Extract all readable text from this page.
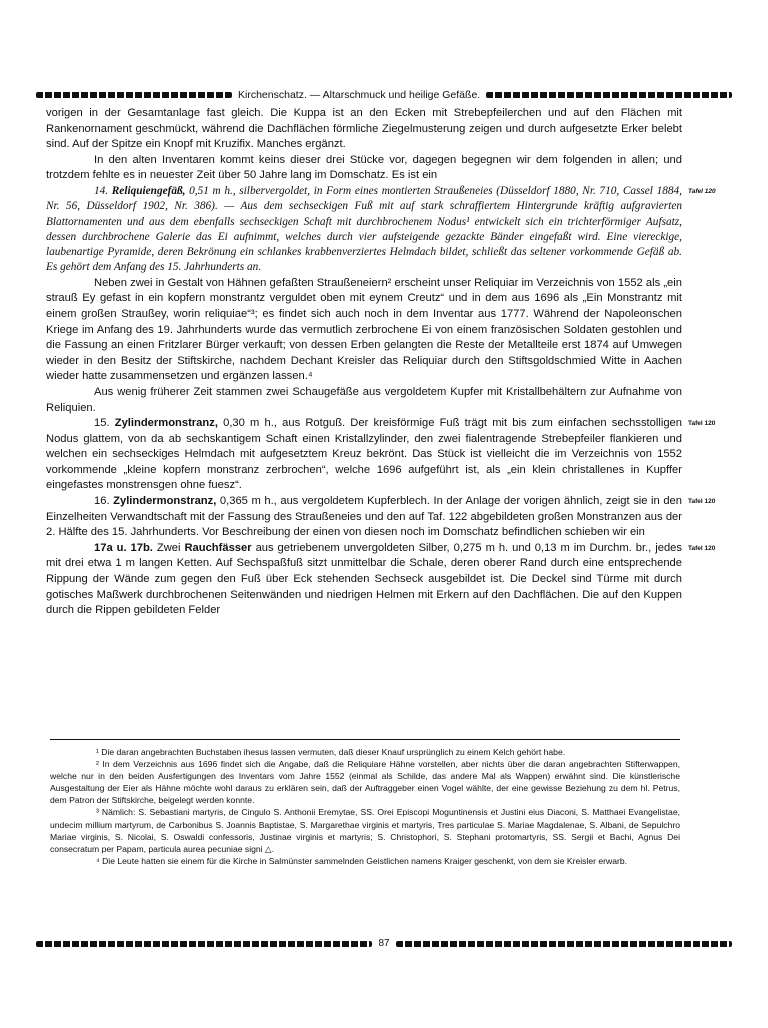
Kirchenschatz. — Altarschmuck und heilige Gefäße.

vorigen in der Gesamtanlage fast gleich. Die Kuppa ist an den Ecken mit Strebepfeilerchen und auf den Flächen mit Rankenornament geschmückt, während die Dachflächen förmliche Ziegelmusterung zeigen und durch aufgesetzte Erker belebt sind. Auf der Spitze ein Knopf mit Kruzifix. Manches ergänzt.

In den alten Inventaren kommt keins dieser drei Stücke vor, dagegen begegnen wir dem folgenden in allen; und trotzdem fehlte es in neuester Zeit über 50 Jahre lang im Domschatz. Es ist ein

14. Reliquiengefäß, 0,51 m h., silbervergoldet, in Form eines montierten Straußeneies (Düsseldorf 1880, Nr. 710, Cassel 1884, Nr. 56, Düsseldorf 1902, Nr. 386). — Aus dem sechseckigen Fuß mit auf stark schraffiertem Hintergrunde kräftig aufgravierten Blattornamenten und aus dem ebenfalls sechseckigen Schaft mit durchbrochenem Nodus¹ entwickelt sich ein trichterförmiger Aufsatz, dessen durchbrochene Galerie das Ei aufnimmt, welches durch vier aufsteigende gezackte Bänder eingefaßt wird. Eine viereckige, laubenartige Pyramide, deren Bekrönung ein schlankes krabbenverziertes Helmdach bildet, schließt das seltener vorkommende Gefäß ab. Es gehört dem Anfang des 15. Jahrhunderts an.
Tafel 120

Neben zwei in Gestalt von Hähnen gefaßten Straußeneiern² erscheint unser Reliquiar im Verzeichnis von 1552 als „ein strauß Ey gefast in ein kopfern monstrantz verguldet oben mit eynem Creutz“ und in dem aus 1696 als „Ein Monstrantz mit einem großen Straußey, worin reliquiae“³; es findet sich auch noch in dem Inventar aus 1777. Während der Napoleonschen Kriege im Anfang des 19. Jahrhunderts wurde das vermutlich zerbrochene Ei von einem französischen Soldaten gestohlen und die Fassung an einen Fritzlarer Bürger verkauft; von dessen Erben gelangten die Reste der Metallteile erst 1874 auf Umwegen wieder in den Besitz der Stiftskirche, nachdem Dechant Kreisler das Reliquiar durch den Stiftsgoldschmied Witte in Aachen wieder hatte zusammensetzen und ergänzen lassen.⁴

Aus wenig früherer Zeit stammen zwei Schaugefäße aus vergoldetem Kupfer mit Kristallbehältern zur Aufnahme von Reliquien.

15. Zylindermonstranz, 0,30 m h., aus Rotguß. Der kreisförmige Fuß trägt mit bis zum einfachen sechsstolligen Nodus glattem, von da ab sechskantigem Schaft einen Kristallzylinder, den zwei fialentragende Strebepfeiler flankieren und welchen ein sechseckiges Helmdach mit aufgesetztem Kreuz bekrönt. Das Stück ist vielleicht die im Verzeichnis von 1552 vorkommende „kleine kopfern monstranz zerbrochen“, welche 1696 aufgeführt ist, als „ein klein christallenes in Kupffer eingefastes monstrensgen ohne fuesz“.
Tafel 120

16. Zylindermonstranz, 0,365 m h., aus vergoldetem Kupferblech. In der Anlage der vorigen ähnlich, zeigt sie in den Einzelheiten Verwandtschaft mit der Fassung des Straußeneies und den auf Taf. 122 abgebildeten großen Monstranzen aus der 2. Hälfte des 15. Jahrhunderts. Vor Beschreibung der einen von diesen noch im Domschatz befindlichen schieben wir ein
Tafel 120

17a u. 17b. Zwei Rauchfässer aus getriebenem unvergoldeten Silber, 0,275 m h. und 0,13 m im Durchm. br., jedes mit drei etwa 1 m langen Ketten. Auf Sechspaßfuß sitzt unmittelbar die Schale, deren oberer Rand durch eine entsprechende Rippung der Wände zum gegen den Fuß über Eck stehenden Sechseck ausgebildet ist. Die Deckel sind Türme mit durch gotisches Maßwerk durchbrochenen Seitenwänden und niedrigen Helmen mit Erkern auf den Dachflächen. Die auf den Kuppen durch die Rippen gebildeten Felder
Tafel 120

¹ Die daran angebrachten Buchstaben ihesus lassen vermuten, daß dieser Knauf ursprünglich zu einem Kelch gehört habe.

² In dem Verzeichnis aus 1696 findet sich die Angabe, daß die Reliquiare Hähne vorstellen, aber nichts über die daran angebrachten Stifterwappen, welche nur in den beiden Ausfertigungen des Inventars vom Jahre 1552 (einmal als Schilde, das andere Mal als Wappen) erwähnt sind. Die künstlerische Ausgestaltung der Eier als Hähne möchte wohl daraus zu erklären sein, daß der Auftraggeber einen Vogel wählte, der eine gewisse Beziehung zu dem hl. Petrus, dem Patron der Stiftskirche, beigelegt werden konnte.

³ Nämlich: S. Sebastiani martyris, de Cingulo S. Anthonii Eremytae, SS. Orei Episcopi Moguntinensis et Justini eius Diaconi, S. Matthaei Evangelistae, undecim millium martyrum, de Carbonibus S. Joannis Baptistae, S. Margarethae virginis et martyris, Tres particulae S. Mariae Magdalenae, S. Albani, de Sepulchro Mariae virginis, S. Nicolai, S. Oswaldi confessoris, Justinae virginis et martyris; S. Christophori, S. Stephani protomartyris, SS. Sergii et Bachi, Agnus Dei consecratum per Papam, particula aurea pecuniae signi △.

⁴ Die Leute hatten sie einem für die Kirche in Salmünster sammelnden Geistlichen namens Kraiger geschenkt, von dem sie Kreisler erwarb.

87
